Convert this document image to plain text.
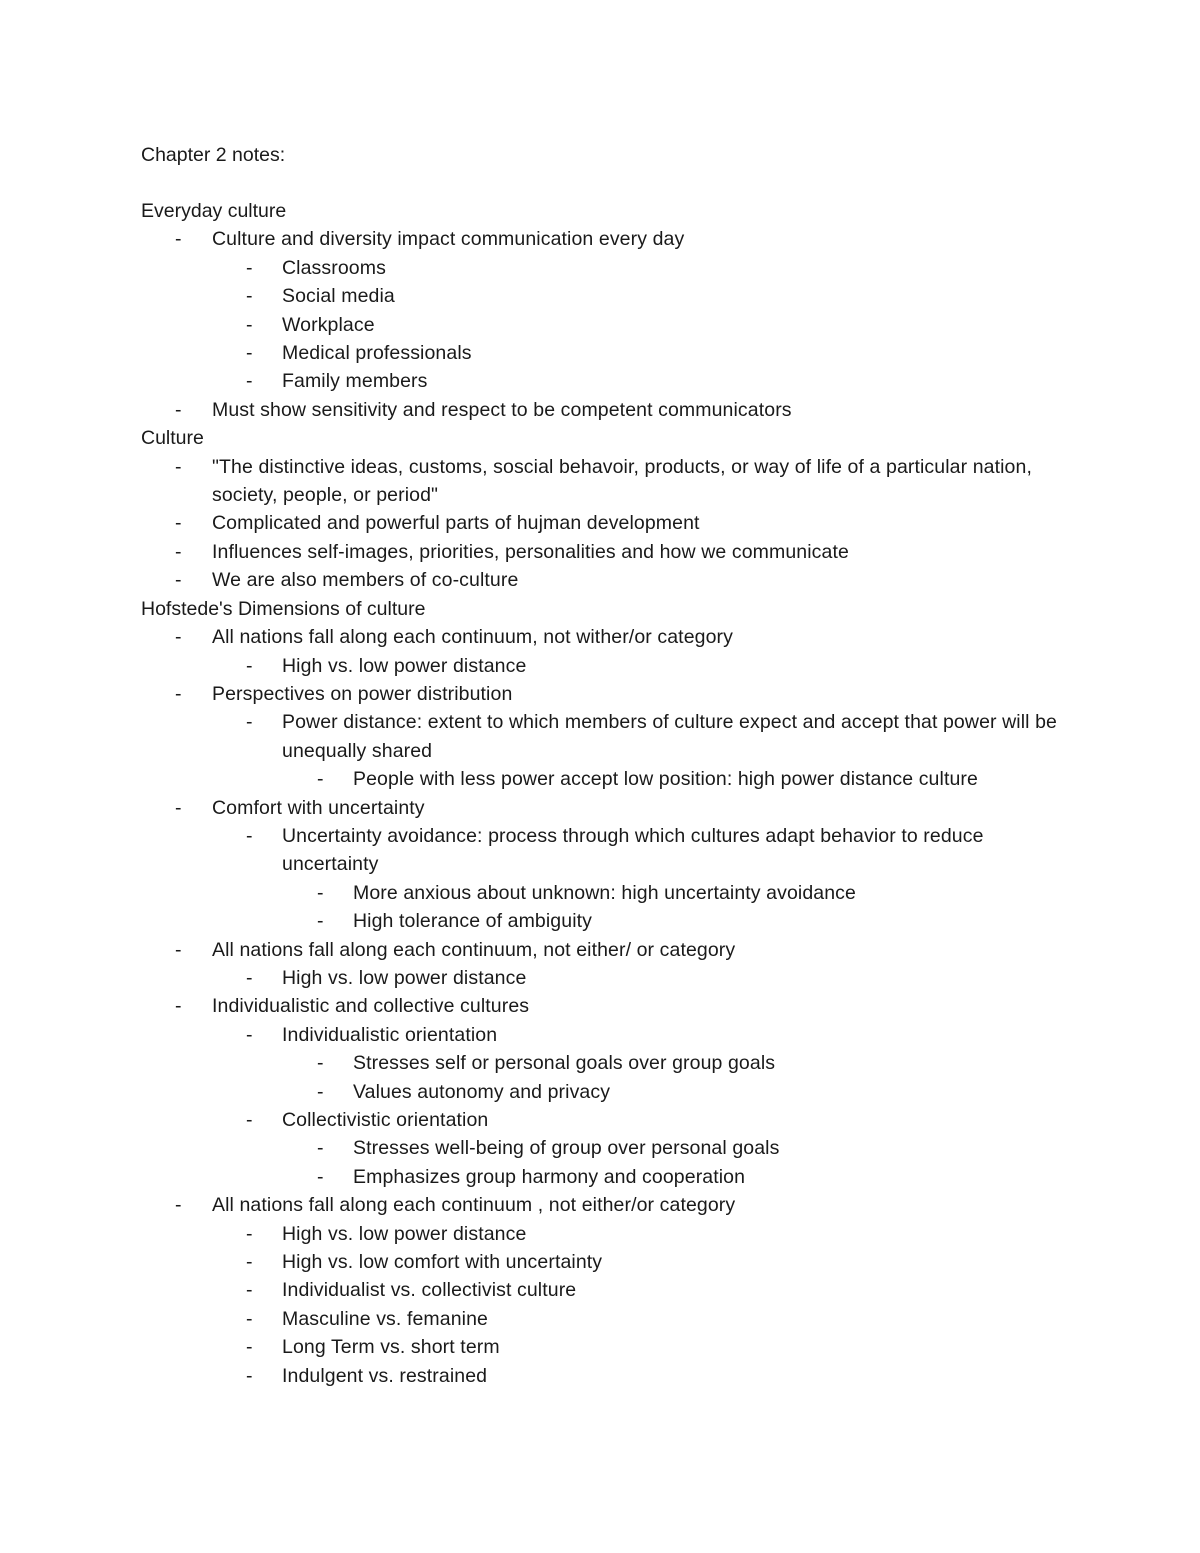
Chapter 2 notes:
Everyday culture
- Culture and diversity impact communication every day
- Classrooms
- Social media
- Workplace
- Medical professionals
- Family members
- Must show sensitivity and respect to be competent communicators
Culture
- "The distinctive ideas, customs, soscial behavoir, products, or way of life of a particular nation, society, people, or period"
- Complicated and powerful parts of hujman development
- Influences self-images, priorities, personalities and how we communicate
- We are also members of co-culture
Hofstede's Dimensions of culture
- All nations fall along each continuum, not wither/or category
- High vs. low power distance
- Perspectives on power distribution
- Power distance: extent to which members of culture expect and accept that power will be unequally shared
- People with less power accept low position: high power distance culture
- Comfort with uncertainty
- Uncertainty avoidance: process through which cultures adapt behavior to reduce uncertainty
- More anxious about unknown: high uncertainty avoidance
- High tolerance of ambiguity
- All nations fall along each continuum, not either/ or category
- High vs. low power distance
- Individualistic and collective cultures
- Individualistic orientation
- Stresses self or personal goals over group goals
- Values autonomy and privacy
- Collectivistic orientation
- Stresses well-being of group over personal goals
- Emphasizes group harmony and cooperation
- All nations fall along each continuum , not either/or category
- High vs. low power distance
- High vs. low comfort with uncertainty
- Individualist vs. collectivist culture
- Masculine vs. femanine
- Long Term vs. short term
- Indulgent vs. restrained
